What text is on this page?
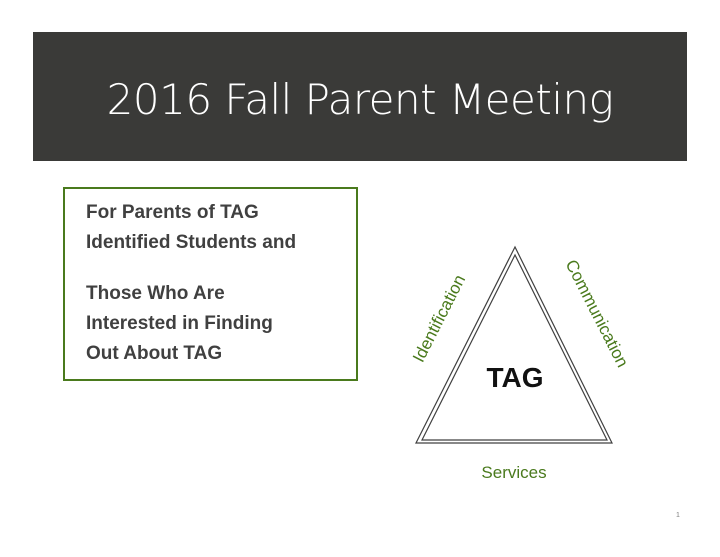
2016 Fall Parent Meeting
For Parents of TAG
Identified Students and
Those Who Are
Interested in Finding
Out About TAG
TAG
Identification	Communication
Services
1
